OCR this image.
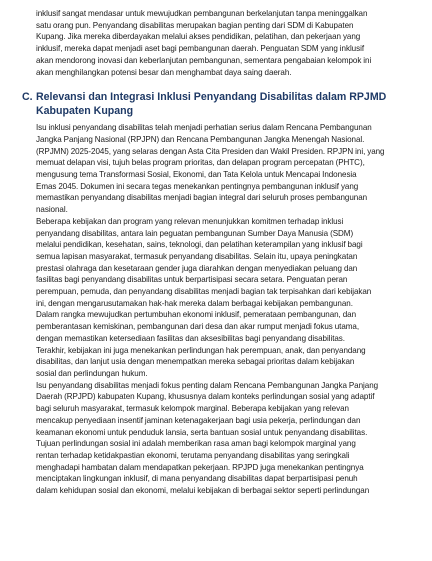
inklusif sangat mendasar untuk mewujudkan pembangunan berkelanjutan tanpa meninggalkan
satu orang pun. Penyandang disabilitas merupakan bagian penting dari SDM di Kabupaten
Kupang. Jika mereka diberdayakan melalui akses pendidikan, pelatihan, dan pekerjaan yang
inklusif, mereka dapat menjadi aset bagi pembangunan daerah. Penguatan SDM yang inklusif
akan mendorong inovasi dan keberlanjutan pembangunan, sementara pengabaian kelompok ini
akan menghilangkan potensi besar dan menghambat daya saing daerah.
C. Relevansi dan Integrasi Inklusi Penyandang Disabilitas dalam RPJMD
Kabupaten Kupang
Isu inklusi penyandang disabilitas telah menjadi perhatian serius dalam Rencana Pembangunan
Jangka Panjang Nasional (RPJPN) dan Rencana Pembangunan Jangka Menengah Nasional.
(RPJMN) 2025-2045, yang selaras dengan Asta Cita Presiden dan Wakil Presiden. RPJPN ini, yang
memuat delapan visi, tujuh belas program prioritas, dan delapan program percepatan (PHTC),
mengusung tema Transformasi Sosial, Ekonomi, dan Tata Kelola untuk Mencapai Indonesia
Emas 2045. Dokumen ini secara tegas menekankan pentingnya pembangunan inklusif yang
memastikan penyandang disabilitas menjadi bagian integral dari seluruh proses pembangunan
nasional.
Beberapa kebijakan dan program yang relevan menunjukkan komitmen terhadap inklusi
penyandang disabilitas, antara lain peguatan pembangunan Sumber Daya Manusia (SDM)
melalui pendidikan, kesehatan, sains, teknologi, dan pelatihan keterampilan yang inklusif bagi
semua lapisan masyarakat, termasuk penyandang disabilitas. Selain itu, upaya peningkatan
prestasi olahraga dan kesetaraan gender juga diarahkan dengan menyediakan peluang dan
fasilitas bagi penyandang disabilitas untuk berpartisipasi secara setara. Penguatan peran
perempuan, pemuda, dan penyandang disabilitas menjadi bagian tak terpisahkan dari kebijakan
ini, dengan mengarusutamakan hak-hak mereka dalam berbagai kebijakan pembangunan.
Dalam rangka mewujudkan pertumbuhan ekonomi inklusif, pemerataan pembangunan, dan
pemberantasan kemiskinan, pembangunan dari desa dan akar rumput menjadi fokus utama,
dengan memastikan ketersediaan fasilitas dan aksesibilitas bagi penyandang disabilitas.
Terakhir, kebijakan ini juga menekankan perlindungan hak perempuan, anak, dan penyandang
disabilitas, dan lanjut usia dengan menempatkan mereka sebagai prioritas dalam kebijakan
sosial dan perlindungan hukum.
Isu penyandang disabilitas menjadi fokus penting dalam Rencana Pembangunan Jangka Panjang
Daerah (RPJPD) kabupaten Kupang, khususnya dalam konteks perlindungan sosial yang adaptif
bagi seluruh masyarakat, termasuk kelompok marginal. Beberapa kebijakan yang relevan
mencakup penyediaan insentif jaminan ketenagakerjaan bagi usia pekerja, perlindungan dan
keamanan ekonomi untuk penduduk lansia, serta bantuan sosial untuk penyandang disabilitas.
Tujuan perlindungan sosial ini adalah memberikan rasa aman bagi kelompok marginal yang
rentan terhadap ketidakpastian ekonomi, terutama penyandang disabilitas yang seringkali
menghadapi hambatan dalam mendapatkan pekerjaan. RPJPD juga menekankan pentingnya
menciptakan lingkungan inklusif, di mana penyandang disabilitas dapat berpartisipasi penuh
dalam kehidupan sosial dan ekonomi, melalui kebijakan di berbagai sektor seperti perlindungan
